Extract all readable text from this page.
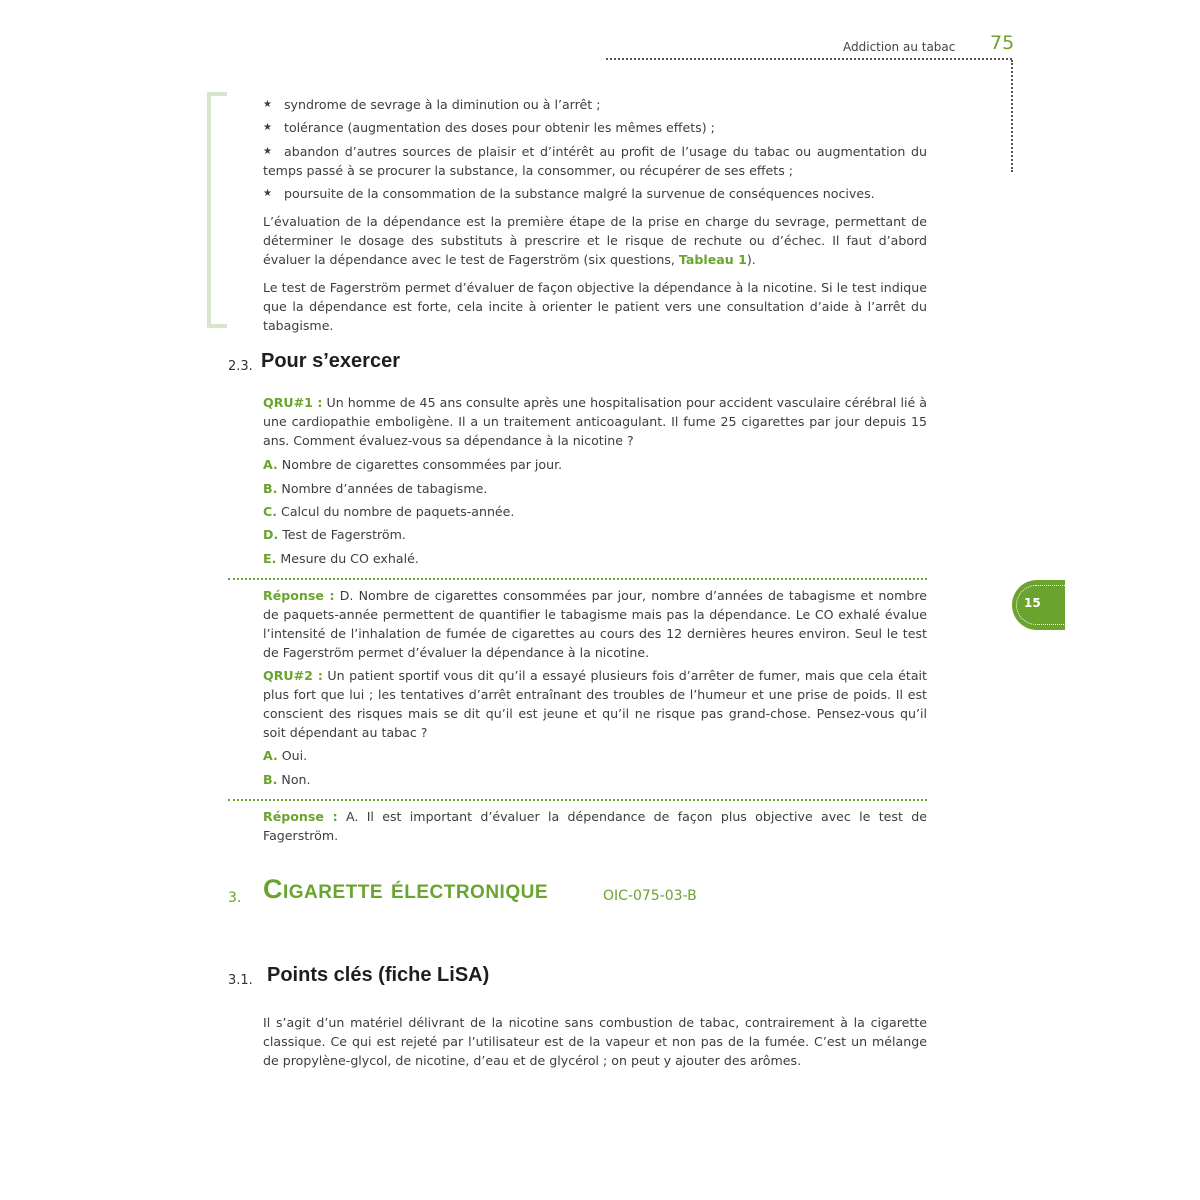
Addiction au tabac 75
15
★ syndrome de sevrage à la diminution ou à l’arrêt ;
★ tolérance (augmentation des doses pour obtenir les mêmes effets) ;
★ abandon d’autres sources de plaisir et d’intérêt au profit de l’usage du tabac ou augmentation du temps passé à se procurer la substance, la consommer, ou récupérer de ses effets ;
★ poursuite de la consommation de la substance malgré la survenue de conséquences nocives.
L’évaluation de la dépendance est la première étape de la prise en charge du sevrage, permettant de déterminer le dosage des substituts à prescrire et le risque de rechute ou d’échec. Il faut d’abord évaluer la dépendance avec le test de Fagerström (six questions, Tableau 1).
Le test de Fagerström permet d’évaluer de façon objective la dépendance à la nicotine. Si le test indique que la dépendance est forte, cela incite à orienter le patient vers une consultation d’aide à l’arrêt du tabagisme.
2.3. Pour s’exercer
QRU#1 : Un homme de 45 ans consulte après une hospitalisation pour accident vasculaire cérébral lié à une cardiopathie emboligène. Il a un traitement anticoagulant. Il fume 25 cigarettes par jour depuis 15 ans. Comment évaluez-vous sa dépendance à la nicotine ?
A. Nombre de cigarettes consommées par jour.
B. Nombre d’années de tabagisme.
C. Calcul du nombre de paquets-année.
D. Test de Fagerström.
E. Mesure du CO exhalé.
Réponse : D. Nombre de cigarettes consommées par jour, nombre d’années de tabagisme et nombre de paquets-année permettent de quantifier le tabagisme mais pas la dépendance. Le CO exhalé évalue l’intensité de l’inhalation de fumée de cigarettes au cours des 12 dernières heures environ. Seul le test de Fagerström permet d’évaluer la dépendance à la nicotine.
QRU#2 : Un patient sportif vous dit qu’il a essayé plusieurs fois d’arrêter de fumer, mais que cela était plus fort que lui ; les tentatives d’arrêt entraînant des troubles de l’humeur et une prise de poids. Il est conscient des risques mais se dit qu’il est jeune et qu’il ne risque pas grand-chose. Pensez-vous qu’il soit dépendant au tabac ?
A. Oui.
B. Non.
Réponse : A. Il est important d’évaluer la dépendance de façon plus objective avec le test de Fagerström.
3. Cigarette électronique	OIC-075-03-B
3.1. Points clés (fiche LiSA)
Il s’agit d’un matériel délivrant de la nicotine sans combustion de tabac, contrairement à la cigarette classique. Ce qui est rejeté par l’utilisateur est de la vapeur et non pas de la fumée. C’est un mélange de propylène-glycol, de nicotine, d’eau et de glycérol ; on peut y ajouter des arômes.
